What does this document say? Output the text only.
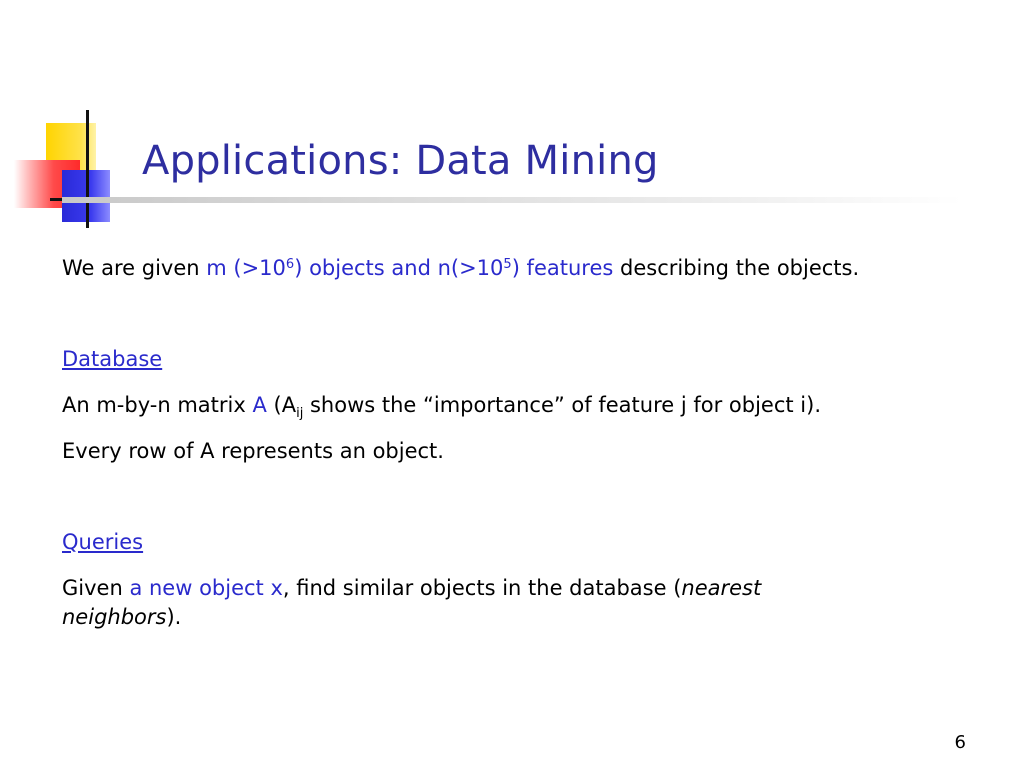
Applications: Data Mining

We are given m $(>10^6)$ objects and $n(>10^5)$ features describing the objects.

Database

An m-by-n matrix A ($A_{ij}$ shows the “importance” of feature j for object i).

Every row of A represents an object.

Queries

Given a new object x, find similar objects in the database (nearest
neighbors).

6
